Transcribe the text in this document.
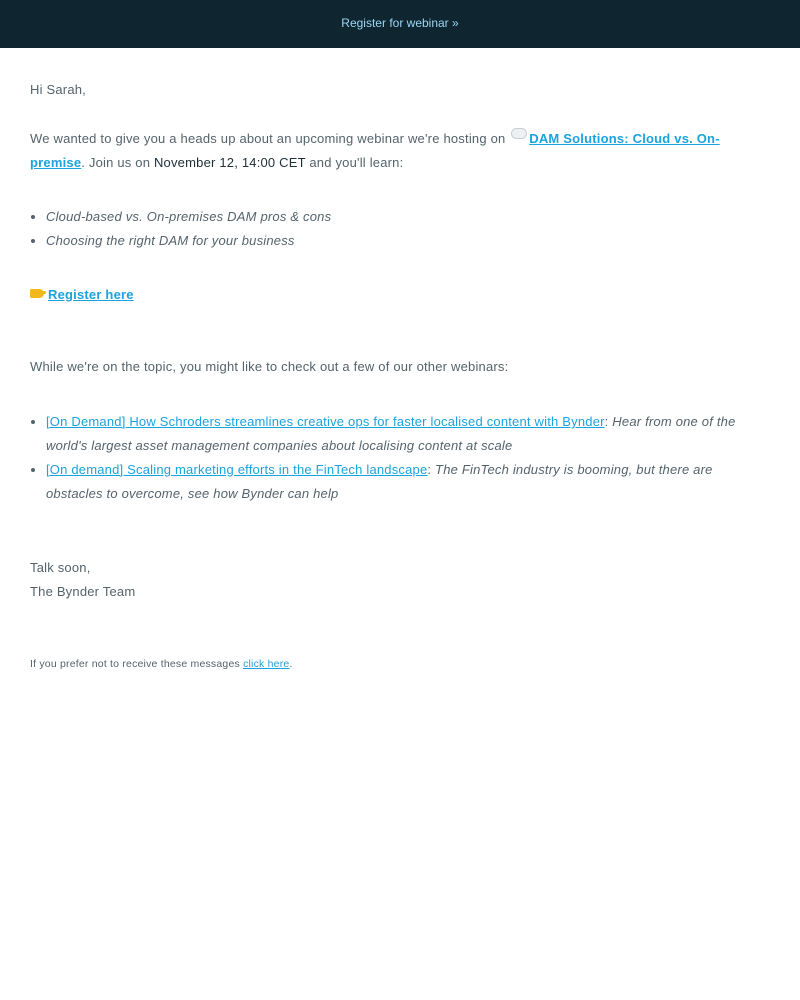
Register for webinar »

Hi Sarah,

We wanted to give you a heads up about an upcoming webinar we're hosting on DAM Solutions: Cloud vs. On-premise. Join us on November 12, 14:00 CET and you'll learn:

• Cloud-based vs. On-premises DAM pros & cons
• Choosing the right DAM for your business
Register here

While we're on the topic, you might like to check out a few of our other webinars:

• [On Demand] How Schroders streamlines creative ops for faster localised content with Bynder: Hear from one of the world's largest asset management companies about localising content at scale
• [On demand] Scaling marketing efforts in the FinTech landscape: The FinTech industry is booming, but there are obstacles to overcome, see how Bynder can help

Talk soon,

The Bynder Team

If you prefer not to receive these messages click here.
